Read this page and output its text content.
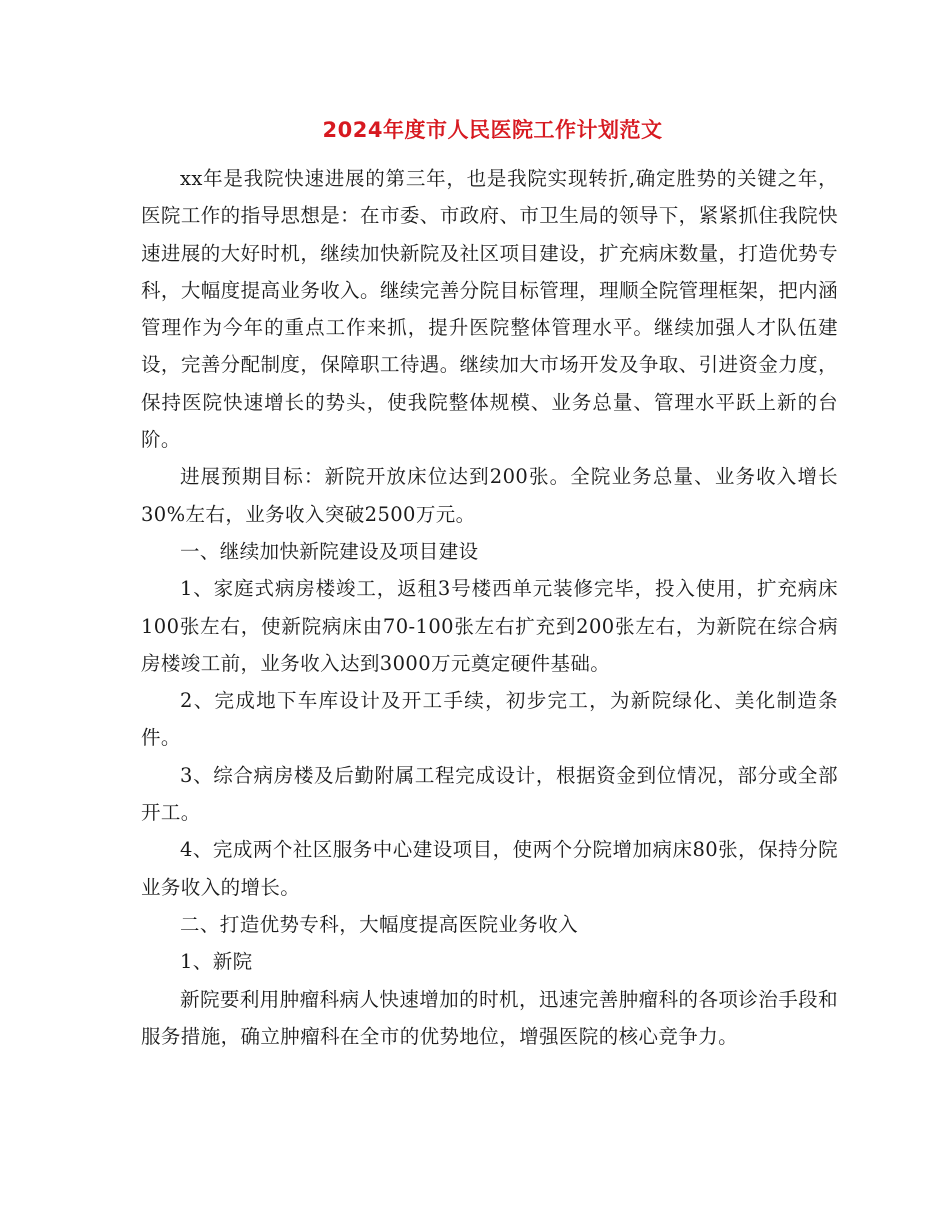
2024年度市人民医院工作计划范文

xx年是我院快速进展的第三年，也是我院实现转折,确定胜势的关键之年，医院工作的指导思想是：在市委、市政府、市卫生局的领导下，紧紧抓住我院快速进展的大好时机，继续加快新院及社区项目建设，扩充病床数量，打造优势专科，大幅度提高业务收入。继续完善分院目标管理，理顺全院管理框架，把内涵管理作为今年的重点工作来抓，提升医院整体管理水平。继续加强人才队伍建设，完善分配制度，保障职工待遇。继续加大市场开发及争取、引进资金力度，保持医院快速增长的势头，使我院整体规模、业务总量、管理水平跃上新的台阶。

进展预期目标：新院开放床位达到200张。全院业务总量、业务收入增长30%左右，业务收入突破2500万元。

一、继续加快新院建设及项目建设

1、家庭式病房楼竣工，返租3号楼西单元装修完毕，投入使用，扩充病床100张左右，使新院病床由70-100张左右扩充到200张左右，为新院在综合病房楼竣工前，业务收入达到3000万元奠定硬件基础。

2、完成地下车库设计及开工手续，初步完工，为新院绿化、美化制造条件。

3、综合病房楼及后勤附属工程完成设计，根据资金到位情况，部分或全部开工。

4、完成两个社区服务中心建设项目，使两个分院增加病床80张，保持分院业务收入的增长。

二、打造优势专科，大幅度提高医院业务收入

1、新院

新院要利用肿瘤科病人快速增加的时机，迅速完善肿瘤科的各项诊治手段和服务措施，确立肿瘤科在全市的优势地位，增强医院的核心竞争力。
